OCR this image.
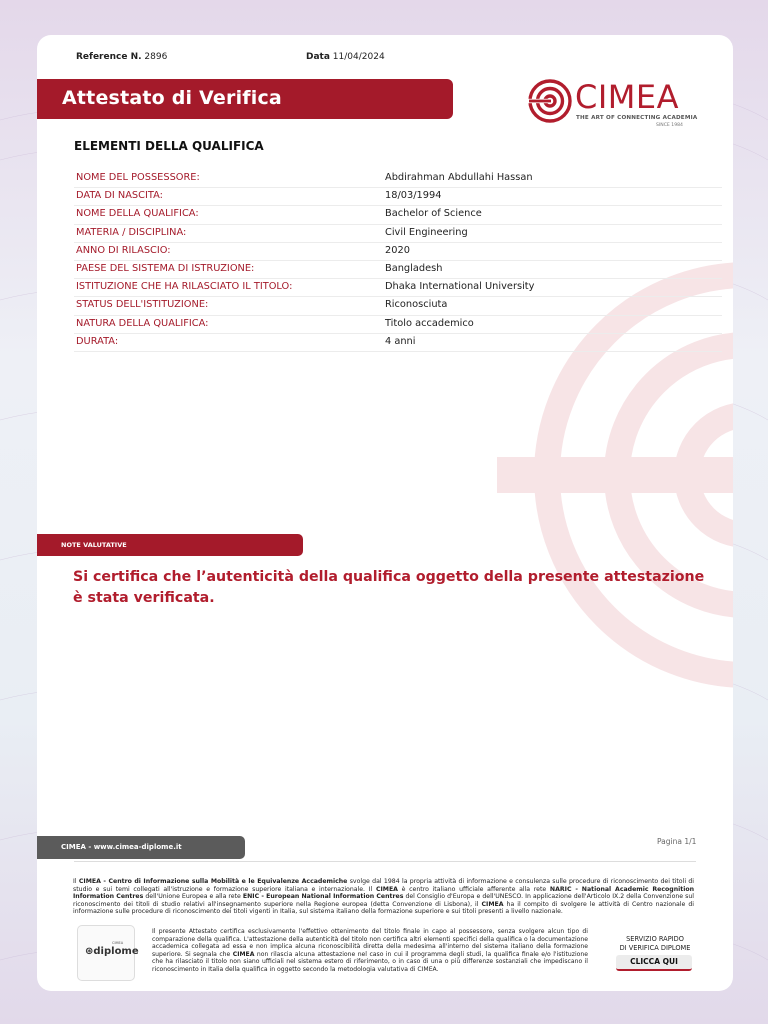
Reference N. 2896	Data 11/04/2024
Attestato di Verifica	CIMEA
THE ART OF CONNECTING ACADEMIA
SINCE 1984
ELEMENTI DELLA QUALIFICA
NOME DEL POSSESSORE:	Abdirahman Abdullahi Hassan
DATA DI NASCITA:	18/03/1994
NOME DELLA QUALIFICA:	Bachelor of Science
MATERIA / DISCIPLINA:	Civil Engineering
ANNO DI RILASCIO:	2020
PAESE DEL SISTEMA DI ISTRUZIONE:	Bangladesh
ISTITUZIONE CHE HA RILASCIATO IL TITOLO:	Dhaka International University
STATUS DELL'ISTITUZIONE:	Riconosciuta
NATURA DELLA QUALIFICA:	Titolo accademico
DURATA:	4 anni
NOTE VALUTATIVE
Si certifica che l’autenticità della qualifica oggetto della presente attestazione è stata verificata.
CIMEA - www.cimea-diplome.it
Pagina 1/1
Il CIMEA - Centro di Informazione sulla Mobilità e le Equivalenze Accademiche svolge dal 1984 la propria attività di informazione e consulenza sulle procedure di riconoscimento dei titoli di studio e sui temi collegati all'istruzione e formazione superiore italiana e internazionale. Il CIMEA è centro italiano ufficiale afferente alla rete NARIC - National Academic Recognition Information Centres dell'Unione Europea e alla rete ENIC - European National Information Centres del Consiglio d'Europa e dell'UNESCO. In applicazione dell'Articolo IX.2 della Convenzione sul riconoscimento dei titoli di studio relativi all'insegnamento superiore nella Regione europea (detta Convenzione di Lisbona), il CIMEA ha il compito di svolgere le attività di Centro nazionale di informazione sulle procedure di riconoscimento dei titoli vigenti in Italia, sul sistema italiano della formazione superiore e sui titoli presenti a livello nazionale.
⊛diplome
CIMEA
Il presente Attestato certifica esclusivamente l'effettivo ottenimento del titolo finale in capo al possessore, senza svolgere alcun tipo di comparazione della qualifica. L'attestazione della autenticità del titolo non certifica altri elementi specifici della qualifica o la documentazione accademica collegata ad essa e non implica alcuna riconoscibilità diretta della medesima all'interno del sistema italiano della formazione superiore. Si segnala che CIMEA non rilascia alcuna attestazione nel caso in cui il programma degli studi, la qualifica finale e/o l'istituzione che ha rilasciato il titolo non siano ufficiali nel sistema estero di riferimento, o in caso di una o più differenze sostanziali che impediscano il riconoscimento in Italia della qualifica in oggetto secondo la metodologia valutativa di CIMEA.
SERVIZIO RAPIDO
DI VERIFICA DIPLOME
CLICCA QUI
